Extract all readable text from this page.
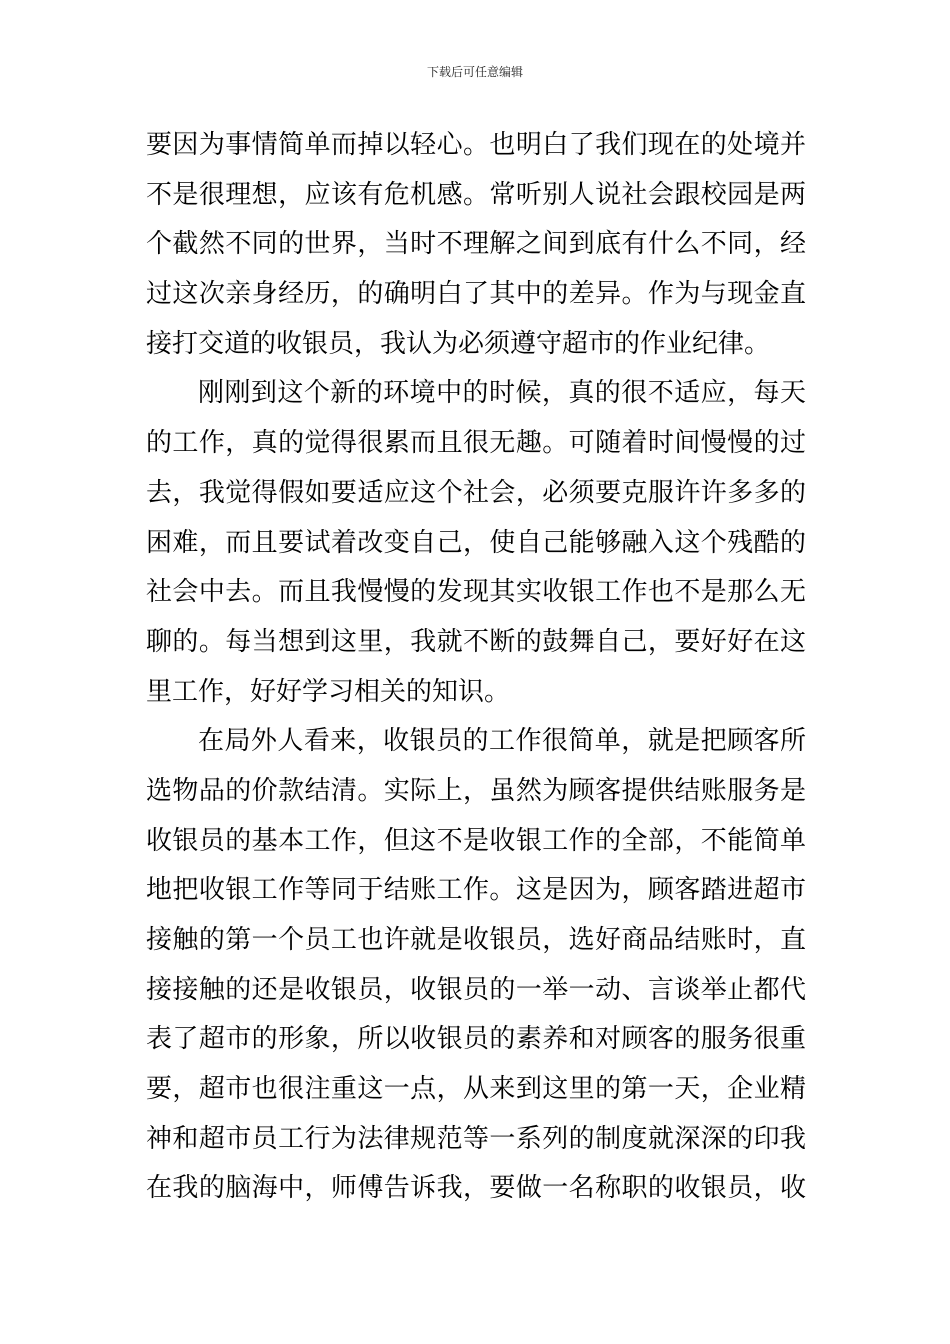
下载后可任意编辑
要因为事情简单而掉以轻心。也明白了我们现在的处境并
不是很理想，应该有危机感。常听别人说社会跟校园是两
个截然不同的世界，当时不理解之间到底有什么不同，经
过这次亲身经历，的确明白了其中的差异。作为与现金直
接打交道的收银员，我认为必须遵守超市的作业纪律。
刚刚到这个新的环境中的时候，真的很不适应，每天
的工作，真的觉得很累而且很无趣。可随着时间慢慢的过
去，我觉得假如要适应这个社会，必须要克服许许多多的
困难，而且要试着改变自己，使自己能够融入这个残酷的
社会中去。而且我慢慢的发现其实收银工作也不是那么无
聊的。每当想到这里，我就不断的鼓舞自己，要好好在这
里工作，好好学习相关的知识。
在局外人看来，收银员的工作很简单，就是把顾客所
选物品的价款结清。实际上，虽然为顾客提供结账服务是
收银员的基本工作，但这不是收银工作的全部，不能简单
地把收银工作等同于结账工作。这是因为，顾客踏进超市
接触的第一个员工也许就是收银员，选好商品结账时，直
接接触的还是收银员，收银员的一举一动、言谈举止都代
表了超市的形象，所以收银员的素养和对顾客的服务很重
要，超市也很注重这一点，从来到这里的第一天，企业精
神和超市员工行为法律规范等一系列的制度就深深的印我
在我的脑海中，师傅告诉我，要做一名称职的收银员，收
